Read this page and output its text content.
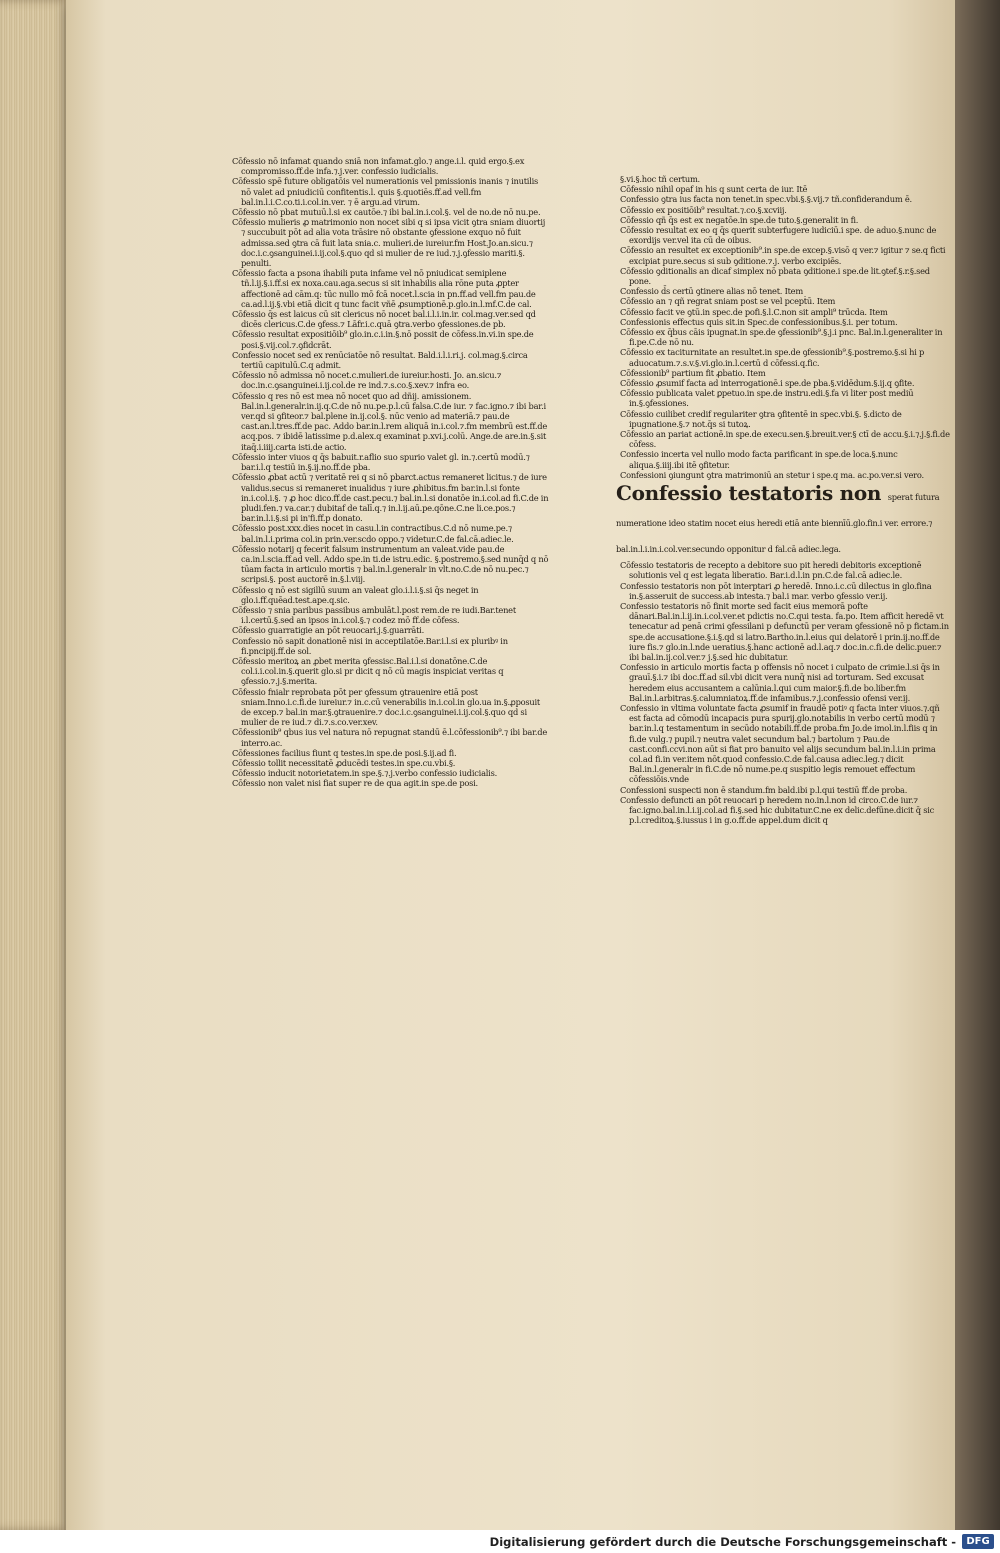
Cōfessio nō infamat quando sniā non infamat.glo.⁊ ange.i.l. quid ergo.§.ex compromisso.ff.de infa.⁊.j.ver. confessio iudicialis.

Cōfessio spē future obligatōis vel numerationis vel pmissionis inanis ⁊ inutilis nō valet ad pniudiciū confitentis.l. quis §.quotiēs.ff.ad vell.fm bal.in.l.i.C.co.ti.i.col.in.ver. ⁊ ē argu.ad virum.

Cōfessio nō pbat mutuū.l.si ex cautōe.⁊ ibi bal.in.i.col.§. vel de no.de nō nu.pe.

Cōfessio mulieris ꝓ matrimonio non nocet sibi q si ipsa vicit ꝯtra sniam diuortij ⁊ succubuit pōt ad alia vota trāsire nō obstante ꝯfessione exquo nō fuit admissa.sed ꝯtra cā fuit lata snia.c. mulieri.de iureiur.fm Host.Jo.an.sicu.⁊ doc.i.c.ꝯsanguinei.i.ij.col.§.quo qd si mulier de re iud.⁊.j.ꝯfessio mariti.§. penulti.

Cōfessio facta a psona ihabili puta infame vel nō pniudicat semiplene tñ.l.ij.§.i.ff.si ex noxa.cau.aga.secus si sit inhabilis alia rōne puta ꝓpter affectionē ad cām.q: tūc nullo mō fcā nocet.l.scia in pn.ff.ad vell.fm pau.de ca.ad.l.ij.§.vbi etiā dicit q tunc facit vñē ꝓsumptionē.p.glo.in.l.mf.C.de cal.

Cōfessio q̄s est laicus cū sit clericus nō nocet bal.i.l.i.in.ir. col.mag.ver.sed qd dicēs clericus.C.de ꝯfess.⁊ Lāfr.i.c.quā ꝯtra.verbo ꝯfessiones.de pb.

Cōfessio resultat expositiōib⁹ glo.in.c.i.in.§.nō possit de cōfess.in.vi.in spe.de posi.§.vij.col.⁊.ꝯfidcrāt.

Confessio nocet sed ex renūciatōe nō resultat. Bald.i.l.i.ri.j. col.mag.§.circa tertiū capitulū.C.q admit.

Cōfessio nō admissa nō nocet.c.mulieri.de iureiur.hosti. Jo. an.sicu.⁊ doc.in.c.ꝯsanguinei.i.ij.col.de re ind.⁊.s.co.§.xev.⁊ infra eo.

Cōfessio q res nō est mea nō nocet quo ad dñij. amissionem. Bal.in.l.generalr.in.ij.q.C.de nō nu.pe.p.l.cū falsa.C.de iur. ⁊ fac.igno.⁊ ibi bar.i ver.qd si ꝯfiteor.⁊ bal.plene in.ij.col.§. nūc venio ad materiā.⁊ pau.de cast.an.l.tres.ff.de pac. Addo bar.in.l.rem aliquā in.i.col.⁊.fm membrū est.ff.de acq.pos. ⁊ ibidē latissime p.d.alex.q examinat p.xvi.j.colū. Ange.de are.in.§.sit itaq̄.i.iiij.carta isti.de actio.

Cōfessio inter viuos q q̄s babuit.r.aflio suo spurio valet gl. in.⁊.certū modū.⁊ bar.i.l.q testiū in.§.ij.no.ff.de pba.

Cōfessio ꝓbat actū ⁊ veritatē rei q si nō pbarct.actus remaneret licitus.⁊ de iure validus.secus si remaneret inualidus ⁊ iure ꝓhibitus.fm bar.in.l.si fonte in.i.col.i.§. ⁊ ꝓ hoc dico.ff.de cast.pecu.⁊ bal.in.l.si donatōe in.i.col.ad fi.C.de in pludi.fen.⁊ va.car.⁊ dubitaf de talī.q.⁊ in.l.ij.aū.pe.qōne.C.ne li.ce.pos.⁊ bar.in.l.i.§.si pi in'fi.ff.p donato.

Cōfessio post.xxx.dies nocet in casu.l.in contractibus.C.d nō nume.pe.⁊ bal.in.l.i.prima col.in prin.ver.scdo oppo.⁊ videtur.C.de fal.cā.adiec.le.

Cōfessio notarij q fecerit falsum instrumentum an valeat.vide pau.de ca.in.l.scia.ff.ad vell. Addo spe.in ti.de istru.edic. §.postremo.§.sed nunq̄d q nō tūam facta in articulo mortis ⁊ bal.in.l.generalr in vlt.no.C.de nō nu.pec.⁊ scripsi.§. post auctorē in.§.l.viij.

Cōfessio q nō est sigillū suum an valeat glo.i.l.i.§.si q̄s neget in glo.i.ff.quēad.test.ape.q.sic.

Cōfessio ⁊ snia paribus passibus ambulāt.l.post rem.de re iudi.Bar.tenet i.l.certū.§.sed an ipsos in.i.col.§.⁊ codez mō ff.de cōfess.

Cōfessio guarratigie an pōt reuocari.j.§.guarrāti.

Confessio nō sapit donationē nisi in acceptilatōe.Bar.i.l.si ex pluribꝰ in fi.pncipij.ff.de sol.

Cōfessio meritoꝝ an ꝓbet merita ꝯfessisc.Bal.i.l.si donatōne.C.de col.i.i.col.in.§.querit glo.si pr dicit q nō cū magis inspiciat veritas q ꝯfessio.⁊.j.§.merita.

Cōfessio fnialr reprobata pōt per ꝯfessum ꝯtrauenire etiā post sniam.Inno.i.c.fi.de iureiur.⁊ in.c.cū venerabilis in.i.col.in glo.ua in.§.ꝓposuit de excep.⁊ bal.in mar.§.ꝯtrauenire.⁊ doc.i.c.ꝯsanguinei.i.ij.col.§.quo qd si mulier de re iud.⁊ di.⁊.s.co.ver.xev.

Cōfessionib⁹ qbus ius vel natura nō repugnat standū ē.l.cōfessionib⁹.⁊ ibi bar.de interro.ac.

Cōfessiones facilius fiunt q testes.in spe.de posi.§.ij.ad fi.

Cōfessio tollit necessitatē ꝓducēdi testes.in spe.cu.vbi.§.

Cōfessio inducit notorietatem.in spe.§.⁊.j.verbo confessio iudicialis.

Cōfessio non valet nisi fiat super re de qua agit.in spe.de posi.

§.vi.§.hoc tñ certum.

Cōfessio nihil opaf in his q sunt certa de iur. Itē

Confessio ꝯtra ius facta non tenet.in spec.vbi.§.§.vij.⁊ tñ.confiderandum ē.

Cōfessio ex positiōib⁹ resultat.⁊.co.§.xcviij.

Cōfessio qñ q̄s est ex negatōe.in spe.de tuto.§.generalit in fi.

Cōfessio resultat ex eo q q̄s querit subterfugere iudiciū.i spe. de aduo.§.nunc de exordijs ver.vel ita cū de oibus.

Cōfessio an resultet ex exceptionib⁹.in spe.de excep.§.visō q ver.⁊ igitur ⁊ se.q ficti excipiat pure.secus si sub ꝯditione.⁊.j. verbo excipiēs.

Cōfessio ꝯditionalis an dicaf simplex nō pbata ꝯditione.i spe.de lit.ꝯtef.§.r.§.sed pone.

Confessio d̄s certū ꝯtinere alias nō tenet. Item

Cōfessio an ⁊ qñ regrat sniam post se vel pcepṫū. Item

Cōfessio facit ve ꝯtū.in spec.de pofi.§.l.C.non sit ampli⁹ trūcda. Item

Confessionis effectus quis sit.in Spec.de confessionibus.§.i. per totum.

Cōfessio ex q̄bus cāis ipugnat.in spe.de ꝯfessionib⁹.§.j.i pnc. Bal.in.l.generaliter in fi.pe.C.de nō nu.

Cōfessio ex taciturnitate an resultet.in spe.de ꝯfessionib⁹.§.postremo.§.si hi p aduocatum.⁊.s.v.§.vi.glo.in.l.certū d cōfessi.q.fic.

Cōfessionib⁹ partium fit ꝓbatio. Item

Cōfessio ꝓsumif facta ad interrogationē.i spe.de pba.§.vidēdum.§.ij.q ꝯfite.

Cōfessio publicata valet ꝑpetuo.in spe.de instru.edi.§.fa vi liter post mediū in.§.ꝯfessiones.

Cōfessio cuilibet credif regulariter ꝯtra ꝯfitentē in spec.vbi.§. §.dicto de ipugnatione.§.⁊ not.q̄s si tutoꝝ.

Cōfessio an pariat actionē.in spe.de execu.sen.§.breuit.ver.§ ctī de accu.§.i.⁊.j.§.fi.de cōfess.

Confessio incerta vel nullo modo facta parificant in spe.de loca.§.nunc aliqua.§.iiij.ibi itē ꝯfitetur.

Confessioni ꝯiungunt ꝯtra matrimoniū an stetur i spe.q ma. ac.po.ver.si vero.

Confessio testatoris non sperat futura numeratione ideo statim nocet eius heredi etiā ante biennīū.glo.fin.i ver. errore.⁊ bal.in.l.i.in.i.col.ver.secundo opponitur d fal.cā adiec.lega.

Cōfessio testatoris de recepto a debitore suo pit heredi debitoris exceptionē solutionis vel q est legata liberatio. Bar.i.d.l.in pn.C.de fal.cā adiec.le.

Confessio testatoris non pōt interptari ꝓ heredē. Inno.i.c.cū dilectus in glo.fina in.§.asseruit de success.ab intesta.⁊ bal.i mar. verbo ꝯfessio ver.ij.

Confessio testatoris nō finit morte sed facit eius memorā pofte dānari.Bal.in.l.ij.in.i.col.ver.et pdictis no.C.qui testa. fa.po. Item afficit heredē vt tenecatur ad penā crimi ꝯfessilani p defunctū per veram ꝯfessionē nō p fictam.in spe.de accusatione.§.i.§.qd si latro.Bartho.in.l.eius qui delatorē i prin.ij.no.ff.de iure fis.⁊ glo.in.l.nde ueratius.§.hanc actionē ad.l.aq.⁊ doc.in.c.fi.de delic.puer.⁊ ibi bal.in.ij.col.ver.⁊ j.§.sed hic dubitatur.

Confessio in articulo mortis facta p offensis nō nocet i culpato de crimie.l.si q̄s in grauī.§.i.⁊ ibi doc.ff.ad sil.vbi dicit vera nunq̄ nisi ad torturam. Sed excusat heredem eius accusantem a calūnia.l.qui cum maior.§.fi.de bo.liber.fm Bal.in.l.arbitras.§.calumniatoꝝ.ff.de infamibus.⁊.j.confessio ofensi ver.ij.

Confessio in vltima voluntate facta ꝓsumif in fraudē potiꝰ q facta inter viuos.⁊.qñ est facta ad cōmodū incapacis pura spurij.glo.notabilis in verbo certū modū ⁊ bar.in.l.q testamentum in secūdo notabili.ff.de proba.fm Jo.de imol.in.l.fiis q in fi.de vulg.⁊ pupil.⁊ neutra valet secundum bal.⁊ bartolum ⁊ Pau.de cast.confi.ccvi.non aūt si fiat pro banuito vel alijs secundum bal.in.l.i.in prima col.ad fi.in ver.item nōt.quod confessio.C.de fal.causa adiec.leg.⁊ dicit Bal.in.l.generalr in fi.C.de nō nume.pe.q suspitio legis remouet effectum cōfessiōis.vnde

Confessioni suspecti non ē standum.fm bald.ibi p.l.qui testiū ff.de proba.

Confessio defuncti an pōt reuocari p heredem no.in.l.non id circo.C.de iur.⁊ fac.igno.bal.in.l.i.ij.col.ad fi.§.sed hic dubitatur.C.ne ex delic.defūne.dicit q̄ sic p.l.creditoꝝ.§.iussus i in g.o.ff.de appel.dum dicit q

Digitalisierung gefördert durch die Deutsche Forschungsgemeinschaft -	DFG
